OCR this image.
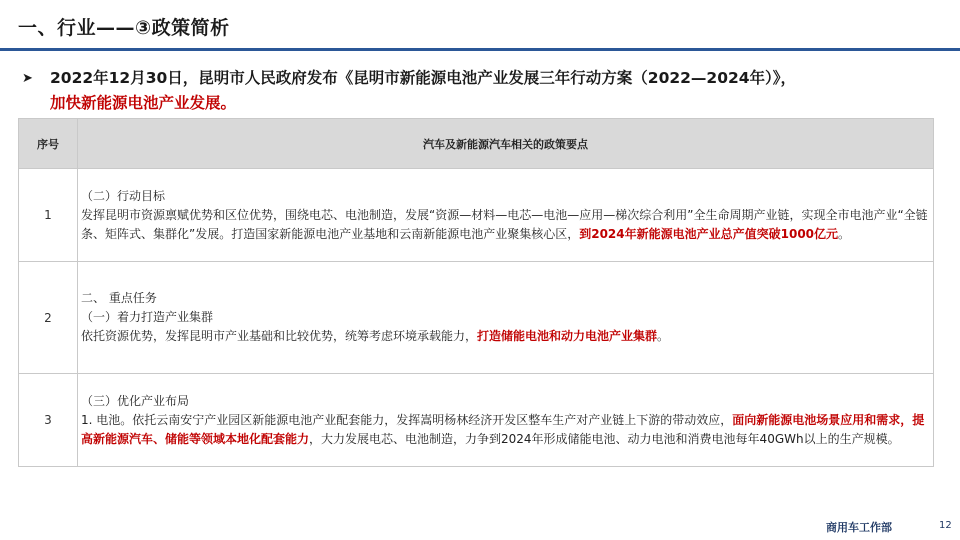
一、行业——③政策简析
➤ 2022年12月30日，昆明市人民政府发布《昆明市新能源电池产业发展三年行动方案（2022—2024年）》，
加快新能源电池产业发展。
序号	汽车及新能源汽车相关的政策要点
1	（二）行动目标
发挥昆明市资源禀赋优势和区位优势，围绕电芯、电池制造，发展“资源—材料—电芯—电池—应用—梯次综合利用”全生命周期产业链，实现全市电池产业“全链条、矩阵式、集群化”发展。打造国家新能源电池产业基地和云南新能源电池产业聚集核心区，到2024年新能源电池产业总产值突破1000亿元。

2	二、 重点任务
（一）着力打造产业集群
依托资源优势，发挥昆明市产业基础和比较优势，统筹考虑环境承载能力，打造储能电池和动力电池产业集群。

3	（三）优化产业布局
1. 电池。依托云南安宁产业园区新能源电池产业配套能力，发挥嵩明杨林经济开发区整车生产对产业链上下游的带动效应，面向新能源电池场景应用和需求，提高新能源汽车、储能等领域本地化配套能力，大力发展电芯、电池制造，力争到2024年形成储能电池、动力电池和消费电池每年40GWh以上的生产规模。
商用车工作部	12
